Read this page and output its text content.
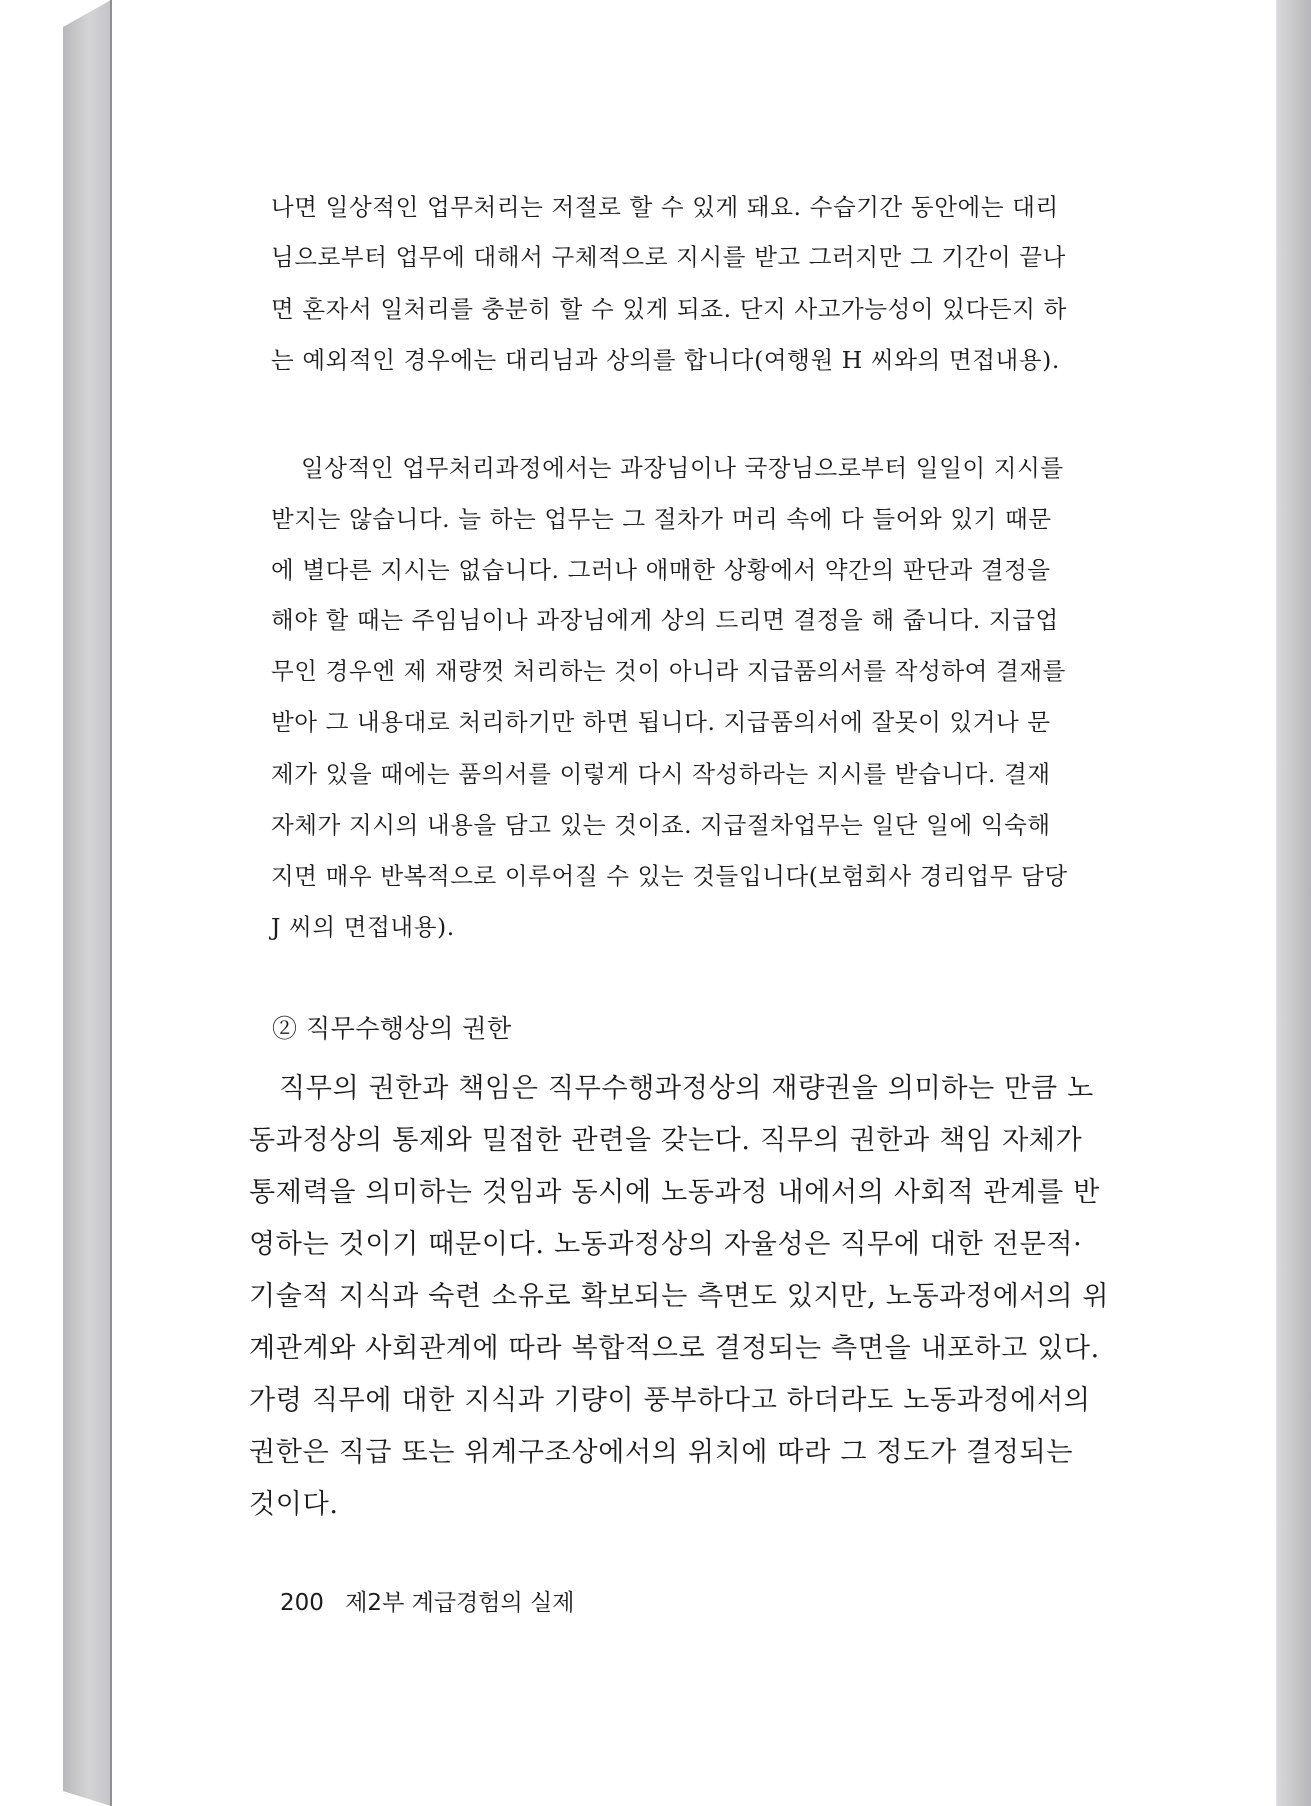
나면 일상적인 업무처리는 저절로 할 수 있게 돼요. 수습기간 동안에는 대리
님으로부터 업무에 대해서 구체적으로 지시를 받고 그러지만 그 기간이 끝나
면 혼자서 일처리를 충분히 할 수 있게 되죠. 단지 사고가능성이 있다든지 하
는 예외적인 경우에는 대리님과 상의를 합니다(여행원 H 씨와의 면접내용).
일상적인 업무처리과정에서는 과장님이나 국장님으로부터 일일이 지시를
받지는 않습니다. 늘 하는 업무는 그 절차가 머리 속에 다 들어와 있기 때문
에 별다른 지시는 없습니다. 그러나 애매한 상황에서 약간의 판단과 결정을
해야 할 때는 주임님이나 과장님에게 상의 드리면 결정을 해 줍니다. 지급업
무인 경우엔 제 재량껏 처리하는 것이 아니라 지급품의서를 작성하여 결재를
받아 그 내용대로 처리하기만 하면 됩니다. 지급품의서에 잘못이 있거나 문
제가 있을 때에는 품의서를 이렇게 다시 작성하라는 지시를 받습니다. 결재
자체가 지시의 내용을 담고 있는 것이죠. 지급절차업무는 일단 일에 익숙해
지면 매우 반복적으로 이루어질 수 있는 것들입니다(보험회사 경리업무 담당
J 씨의 면접내용).
② 직무수행상의 권한
직무의 권한과 책임은 직무수행과정상의 재량권을 의미하는 만큼 노
동과정상의 통제와 밀접한 관련을 갖는다. 직무의 권한과 책임 자체가
통제력을 의미하는 것임과 동시에 노동과정 내에서의 사회적 관계를 반
영하는 것이기 때문이다. 노동과정상의 자율성은 직무에 대한 전문적·
기술적 지식과 숙련 소유로 확보되는 측면도 있지만, 노동과정에서의 위
계관계와 사회관계에 따라 복합적으로 결정되는 측면을 내포하고 있다.
가령 직무에 대한 지식과 기량이 풍부하다고 하더라도 노동과정에서의
권한은 직급 또는 위계구조상에서의 위치에 따라 그 정도가 결정되는
것이다.
200 제2부 계급경험의 실제
